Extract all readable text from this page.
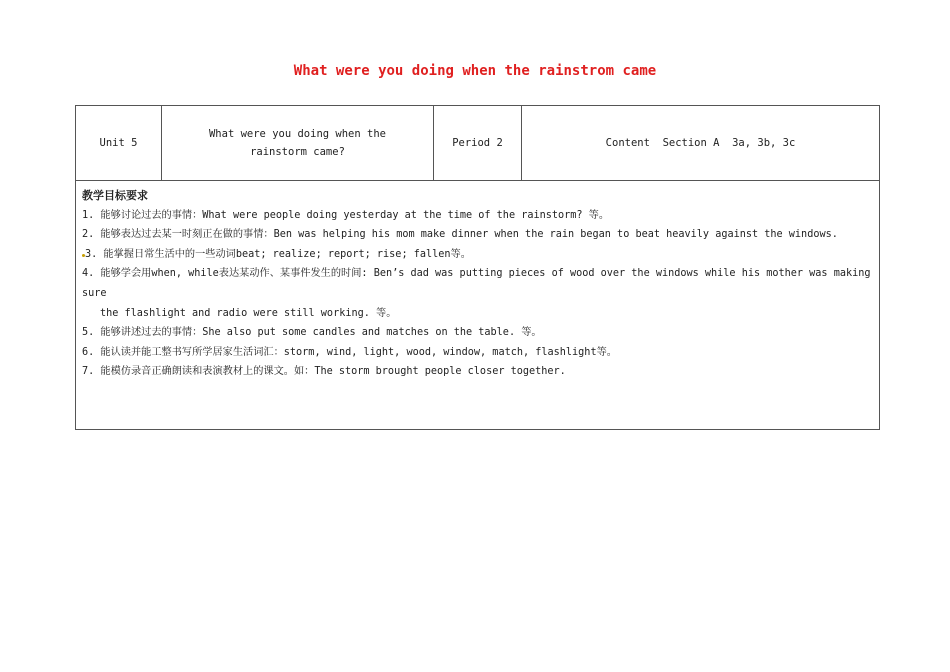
What were you doing when the rainstrom came
Unit 5
What were you doing when the rainstorm came?
Period 2	Content  Section A  3a, 3b, 3c
教学目标要求
1. 能够讨论过去的事情：What were people doing yesterday at the time of the rainstorm? 等。
2. 能够表达过去某一时刻正在做的事情：Ben was helping his mom make dinner when the rain began to beat heavily against the windows.
3. 能掌握日常生活中的一些动词beat; realize; report; rise; fallen等。
4. 能够学会用when, while表达某动作、某事件发生的时间: Ben’s dad was putting pieces of wood over the windows while his mother was making sure
the flashlight and radio were still working. 等。
5. 能够讲述过去的事情：She also put some candles and matches on the table. 等。
6. 能认读并能工整书写所学居家生活词汇：storm, wind, light, wood, window, match, flashlight等。
7. 能模仿录音正确朗读和表演教材上的课文。如：The storm brought people closer together.
